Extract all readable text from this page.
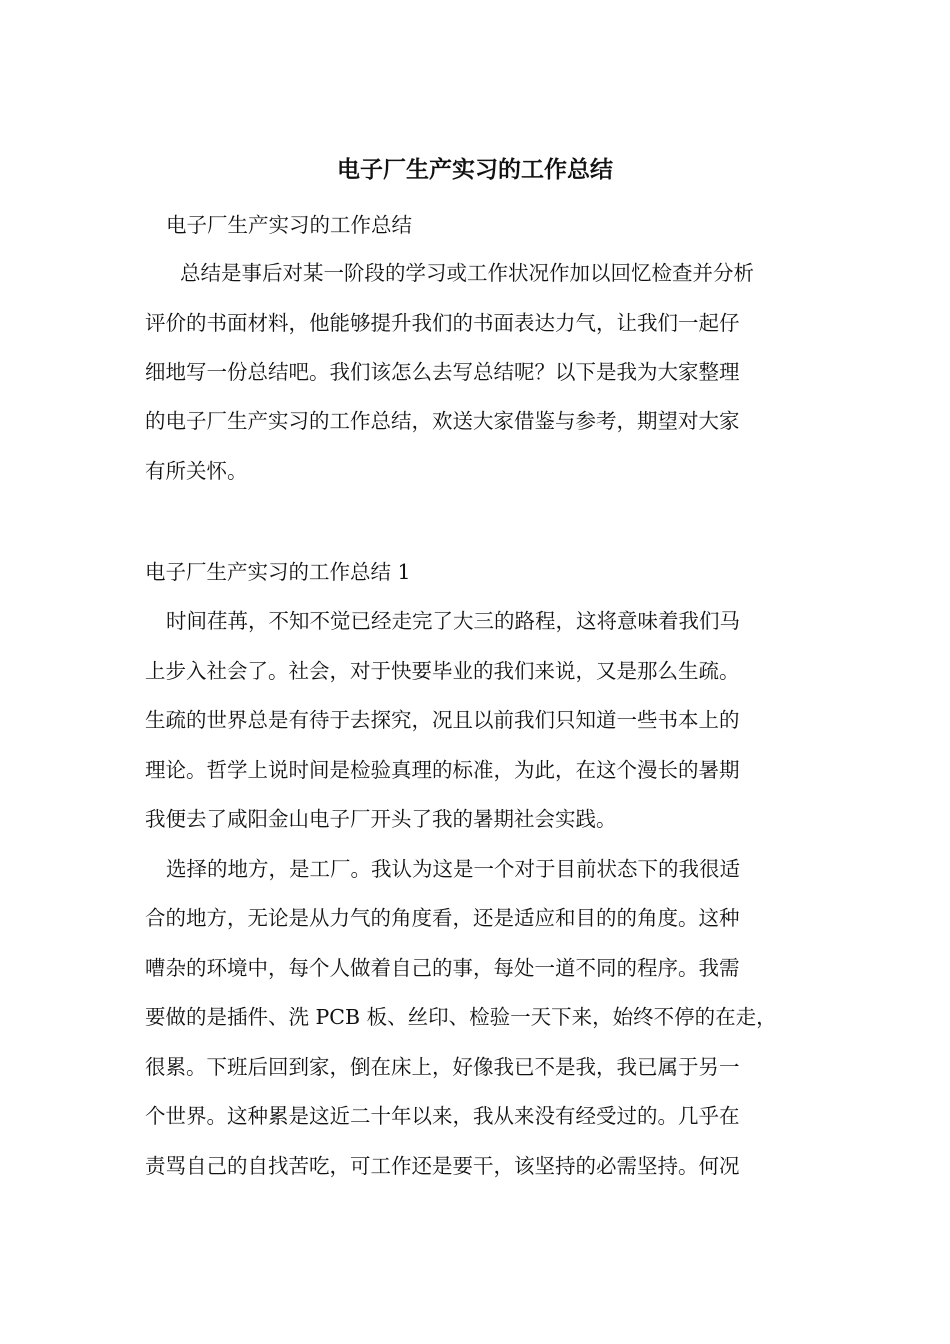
电子厂生产实习的工作总结

电子厂生产实习的工作总结

总结是事后对某一阶段的学习或工作状况作加以回忆检查并分析

评价的书面材料，他能够提升我们的书面表达力气，让我们一起仔

细地写一份总结吧。我们该怎么去写总结呢？以下是我为大家整理

的电子厂生产实习的工作总结，欢送大家借鉴与参考，期望对大家

有所关怀。

电子厂生产实习的工作总结 1

时间荏苒，不知不觉已经走完了大三的路程，这将意味着我们马

上步入社会了。社会，对于快要毕业的我们来说，又是那么生疏。

生疏的世界总是有待于去探究，况且以前我们只知道一些书本上的

理论。哲学上说时间是检验真理的标准，为此，在这个漫长的暑期

我便去了咸阳金山电子厂开头了我的暑期社会实践。

选择的地方，是工厂。我认为这是一个对于目前状态下的我很适

合的地方，无论是从力气的角度看，还是适应和目的的角度。这种

嘈杂的环境中，每个人做着自己的事，每处一道不同的程序。我需

要做的是插件、洗 PCB 板、丝印、检验一天下来，始终不停的在走，

很累。下班后回到家，倒在床上，好像我已不是我，我已属于另一

个世界。这种累是这近二十年以来，我从来没有经受过的。几乎在

责骂自己的自找苦吃，可工作还是要干，该坚持的必需坚持。何况
